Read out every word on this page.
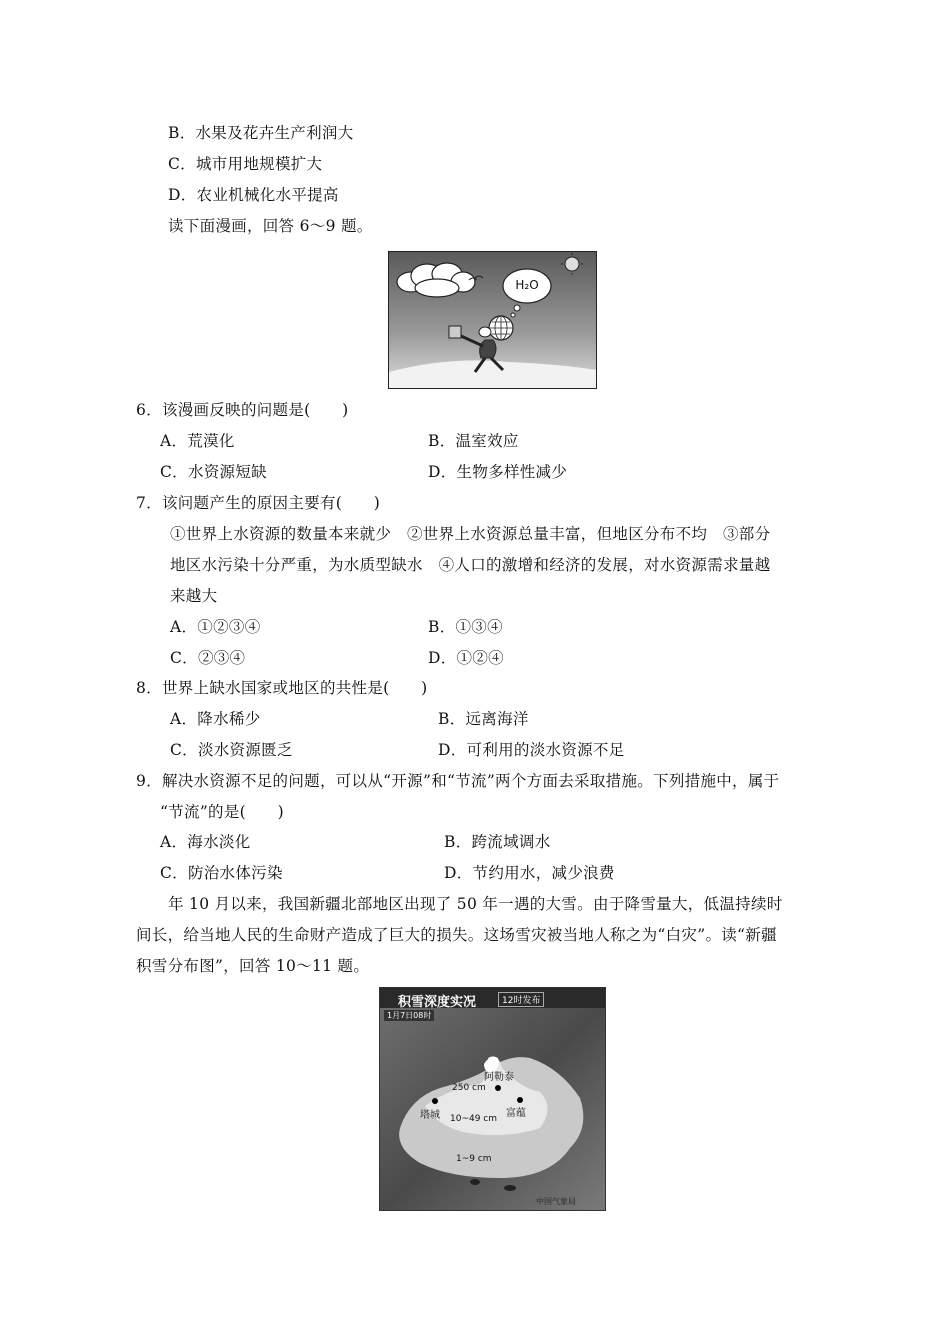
B．水果及花卉生产利润大
C．城市用地规模扩大
D．农业机械化水平提高
读下面漫画，回答 6～9 题。
H₂O
6．该漫画反映的问题是(　　)
A．荒漠化	B．温室效应
C．水资源短缺	D．生物多样性减少
7．该问题产生的原因主要有(　　)
①世界上水资源的数量本来就少　②世界上水资源总量丰富，但地区分布不均　③部分
地区水污染十分严重，为水质型缺水　④人口的激增和经济的发展，对水资源需求量越
来越大
A．①②③④	B．①③④
C．②③④	D．①②④
8．世界上缺水国家或地区的共性是(　　)
A．降水稀少	B．远离海洋
C．淡水资源匮乏	D．可利用的淡水资源不足
9．解决水资源不足的问题，可以从“开源”和“节流”两个方面去采取措施。下列措施中，属于
“节流”的是(　　)
A．海水淡化	B．跨流域调水
C．防治水体污染	D．节约用水，减少浪费
年 10 月以来，我国新疆北部地区出现了 50 年一遇的大雪。由于降雪量大，低温持续时
间长，给当地人民的生命财产造成了巨大的损失。这场雪灾被当地人称之为“白灾”。读“新疆
积雪分布图”，回答 10～11 题。
积雪深度实况	12时发布
1月7日08时
阿勒泰
250 cm
塔城	富蕴
10~49 cm
1~9 cm
中国气象局
